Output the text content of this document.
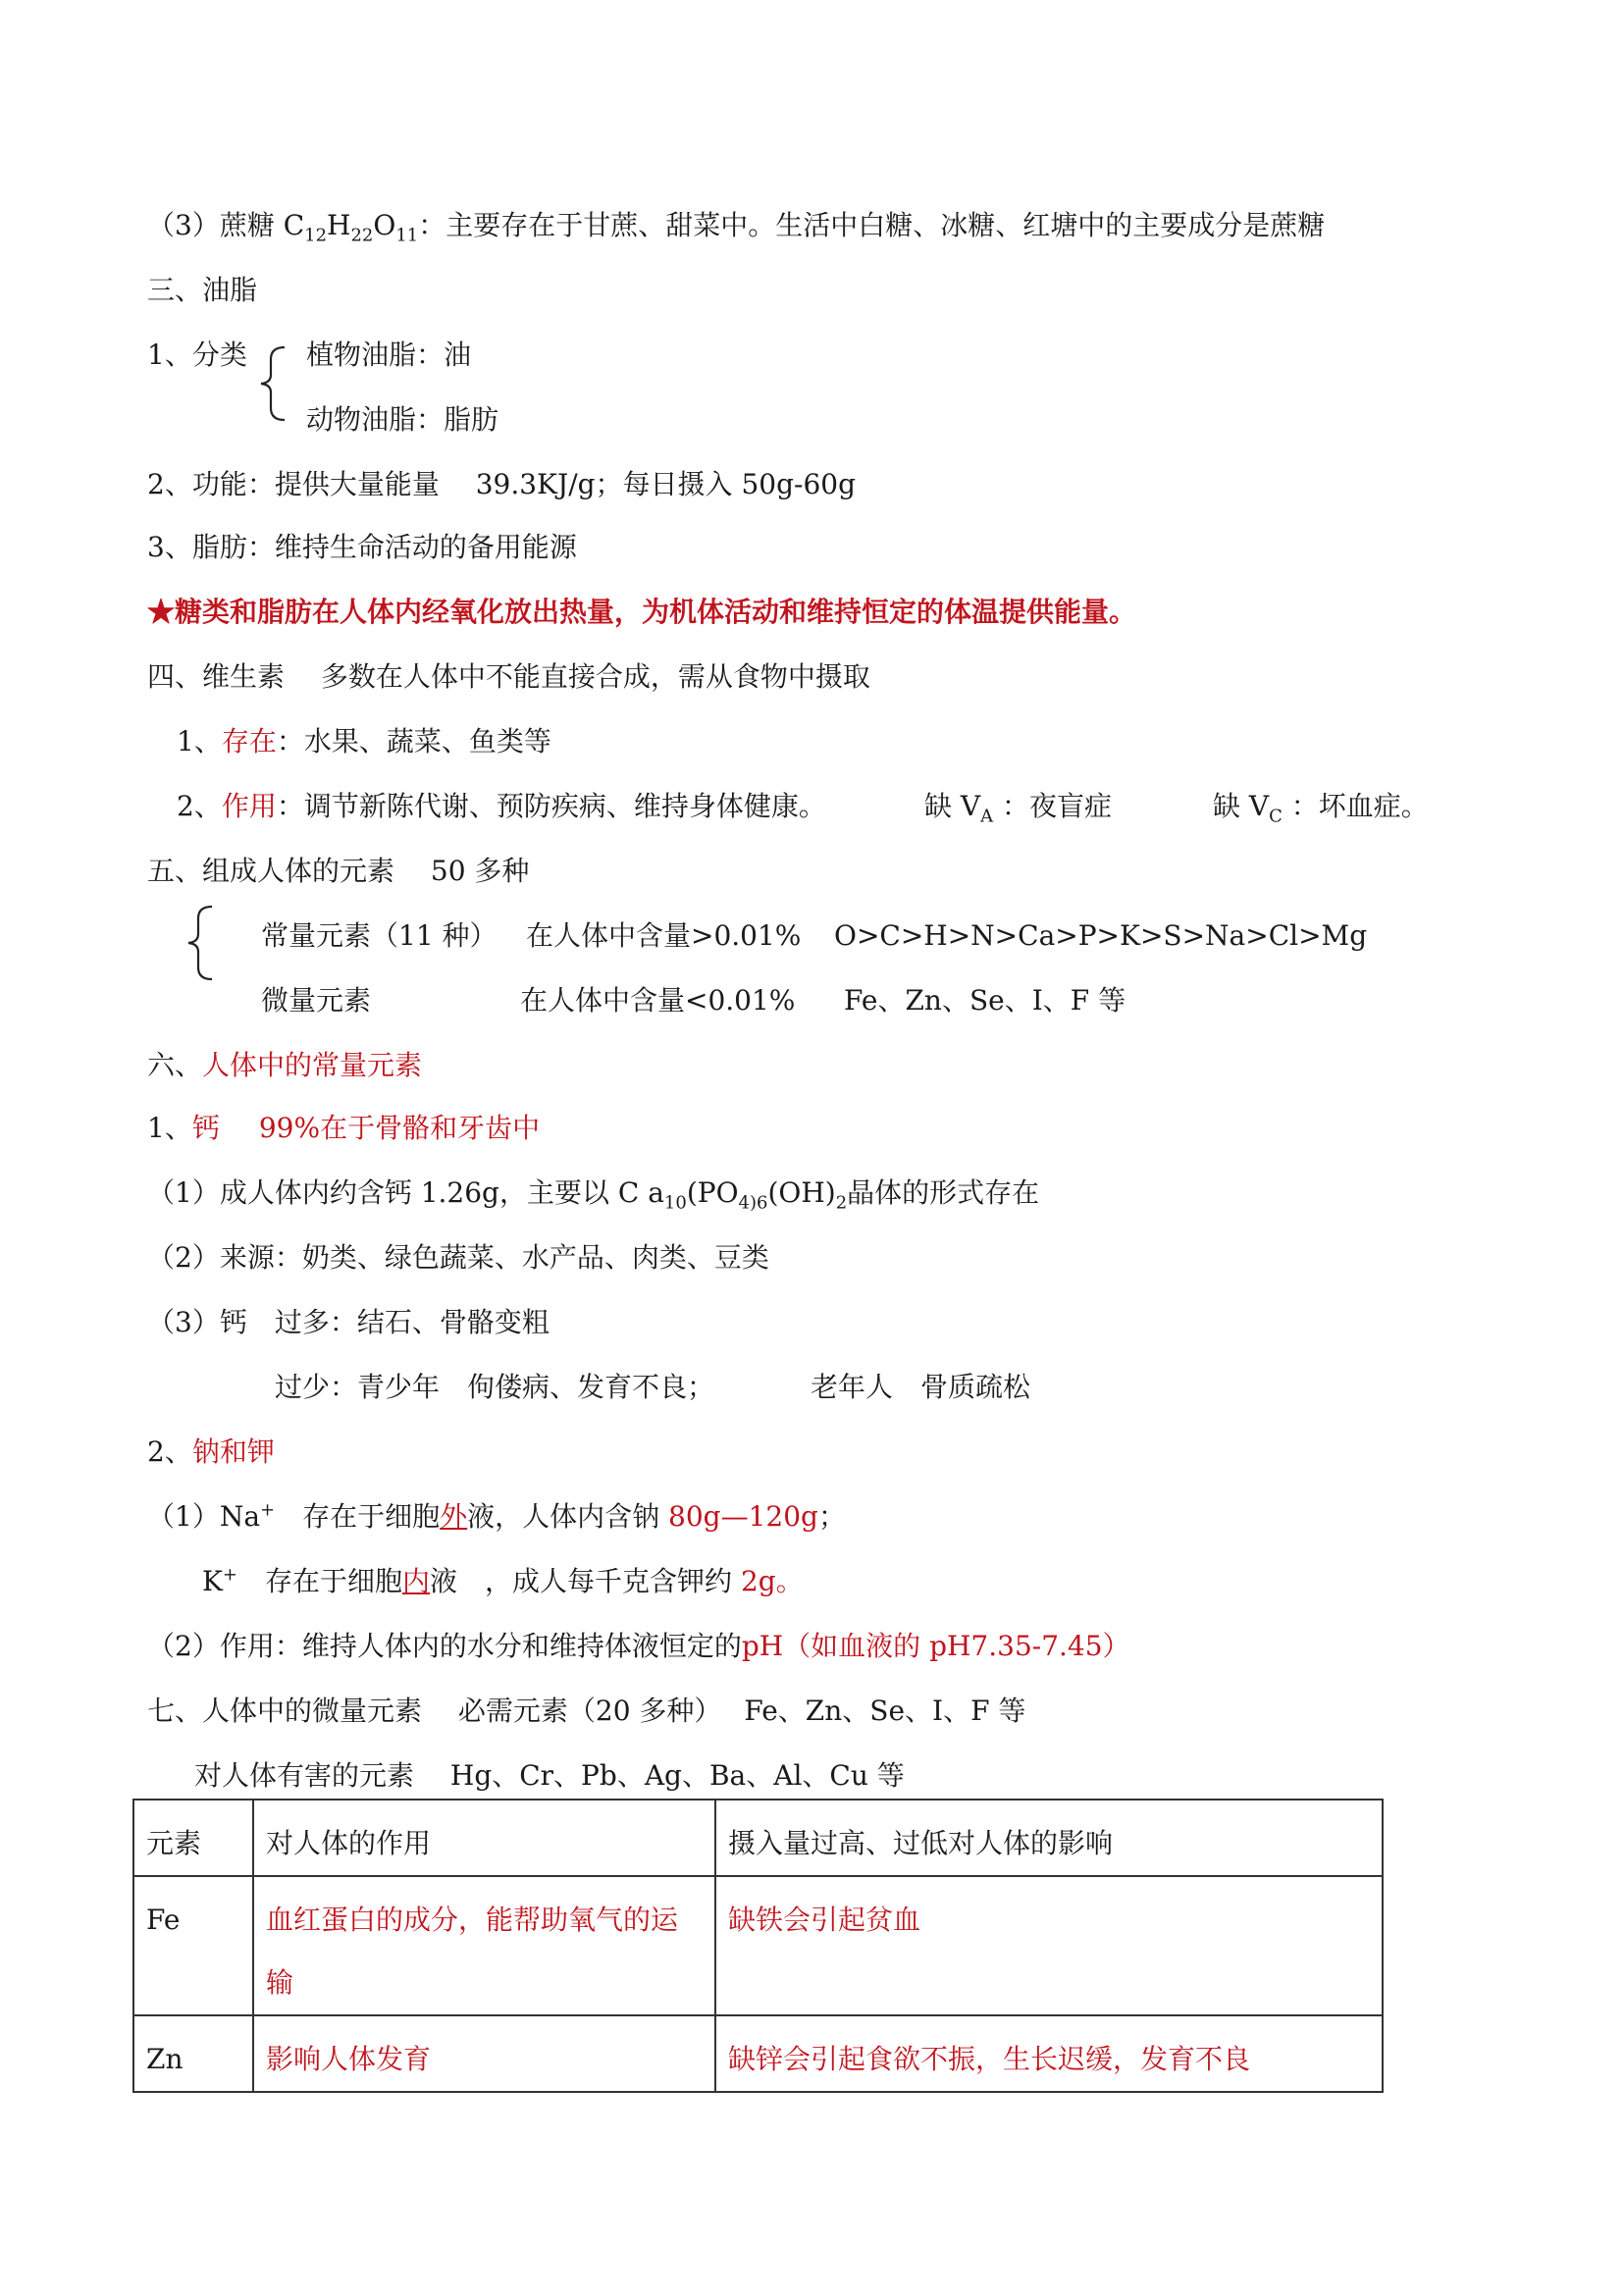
（3）蔗糖 $C_{12}H_{22}O_{11}$：主要存在于甘蔗、甜菜中。生活中白糖、冰糖、红塘中的主要成分是蔗糖
三、油脂
1、分类 植物油脂：油
动物油脂：脂肪
2、功能：提供大量能量　 39.3KJ/g；每日摄入 50g-60g
3、脂肪：维持生命活动的备用能源
★糖类和脂肪在人体内经氧化放出热量，为机体活动和维持恒定的体温提供能量。
四、维生素　 多数在人体中不能直接合成，需从食物中摄取
1、存在：水果、蔬菜、鱼类等
2、作用：调节新陈代谢、预防疾病、维持身体健康。	缺 $V_A$ ：夜盲症	缺 $V_C$ ：坏血症。
五、组成人体的元素　 50 多种
常量元素（11 种） 在人体中含量>0.01% O>C>H>N>Ca>P>K>S>Na>Cl>Mg
微量元素	在人体中含量<0.01% Fe、Zn、Se、I、F 等
六、人体中的常量元素
1、钙 99%在于骨骼和牙齿中
（1）成人体内约含钙 1.26g，主要以 C $a_{10}(PO_{4)6}(OH)_2$晶体的形式存在
（2）来源：奶类、绿色蔬菜、水产品、肉类、豆类
（3）钙　过多：结石、骨骼变粗
过少：青少年　佝偻病、发育不良；	老年人　骨质疏松
2、钠和钾
（1）Na+　存在于细胞外液，人体内含钠 80g—120g；
K+　存在于细胞内液　，成人每千克含钾约 2g。
（2）作用：维持人体内的水分和维持体液恒定的pH（如血液的 pH7.35-7.45）
七、人体中的微量元素　 必需元素（20 多种）　 Fe、Zn、Se、I、F 等
对人体有害的元素　 Hg、Cr、Pb、Ag、Ba、Al、Cu 等
元素	对人体的作用	摄入量过高、过低对人体的影响
Fe	血红蛋白的成分，能帮助氧气的运输	缺铁会引起贫血
Zn	影响人体发育	缺锌会引起食欲不振，生长迟缓，发育不良
